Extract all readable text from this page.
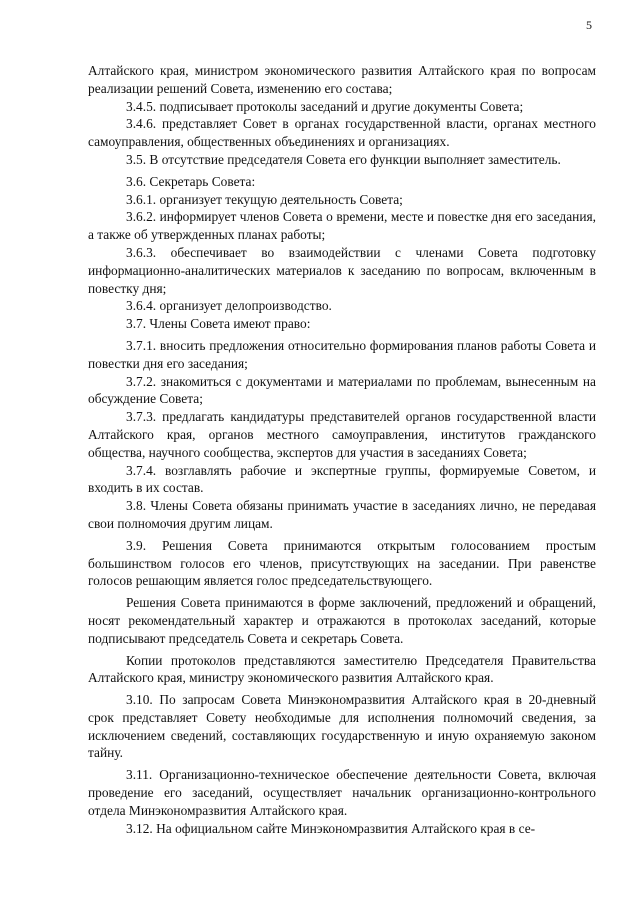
5

Алтайского края, министром экономического развития Алтайского края по вопросам реализации решений Совета, изменению его состава;

3.4.5. подписывает протоколы заседаний и другие документы Совета;

3.4.6. представляет Совет в органах государственной власти, органах местного самоуправления, общественных объединениях и организациях.

3.5. В отсутствие председателя Совета его функции выполняет заместитель.

3.6. Секретарь Совета:

3.6.1. организует текущую деятельность Совета;

3.6.2. информирует членов Совета о времени, месте и повестке дня его заседания, а также об утвержденных планах работы;

3.6.3. обеспечивает во взаимодействии с членами Совета подготовку информационно-аналитических материалов к заседанию по вопросам, включенным в повестку дня;

3.6.4. организует делопроизводство.

3.7. Члены Совета имеют право:

3.7.1. вносить предложения относительно формирования планов работы Совета и повестки дня его заседания;

3.7.2. знакомиться с документами и материалами по проблемам, вынесенным на обсуждение Совета;

3.7.3. предлагать кандидатуры представителей органов государственной власти Алтайского края, органов местного самоуправления, институтов гражданского общества, научного сообщества, экспертов для участия в заседаниях Совета;

3.7.4. возглавлять рабочие и экспертные группы, формируемые Советом, и входить в их состав.

3.8. Члены Совета обязаны принимать участие в заседаниях лично, не передавая свои полномочия другим лицам.

3.9. Решения Совета принимаются открытым голосованием простым большинством голосов его членов, присутствующих на заседании. При равенстве голосов решающим является голос председательствующего.

Решения Совета принимаются в форме заключений, предложений и обращений, носят рекомендательный характер и отражаются в протоколах заседаний, которые подписывают председатель Совета и секретарь Совета.

Копии протоколов представляются заместителю Председателя Правительства Алтайского края, министру экономического развития Алтайского края.

3.10. По запросам Совета Минэкономразвития Алтайского края в 20-дневный срок представляет Совету необходимые для исполнения полномочий сведения, за исключением сведений, составляющих государственную и иную охраняемую законом тайну.

3.11. Организационно-техническое обеспечение деятельности Совета, включая проведение его заседаний, осуществляет начальник организационно-контрольного отдела Минэкономразвития Алтайского края.

3.12. На официальном сайте Минэкономразвития Алтайского края в се-
